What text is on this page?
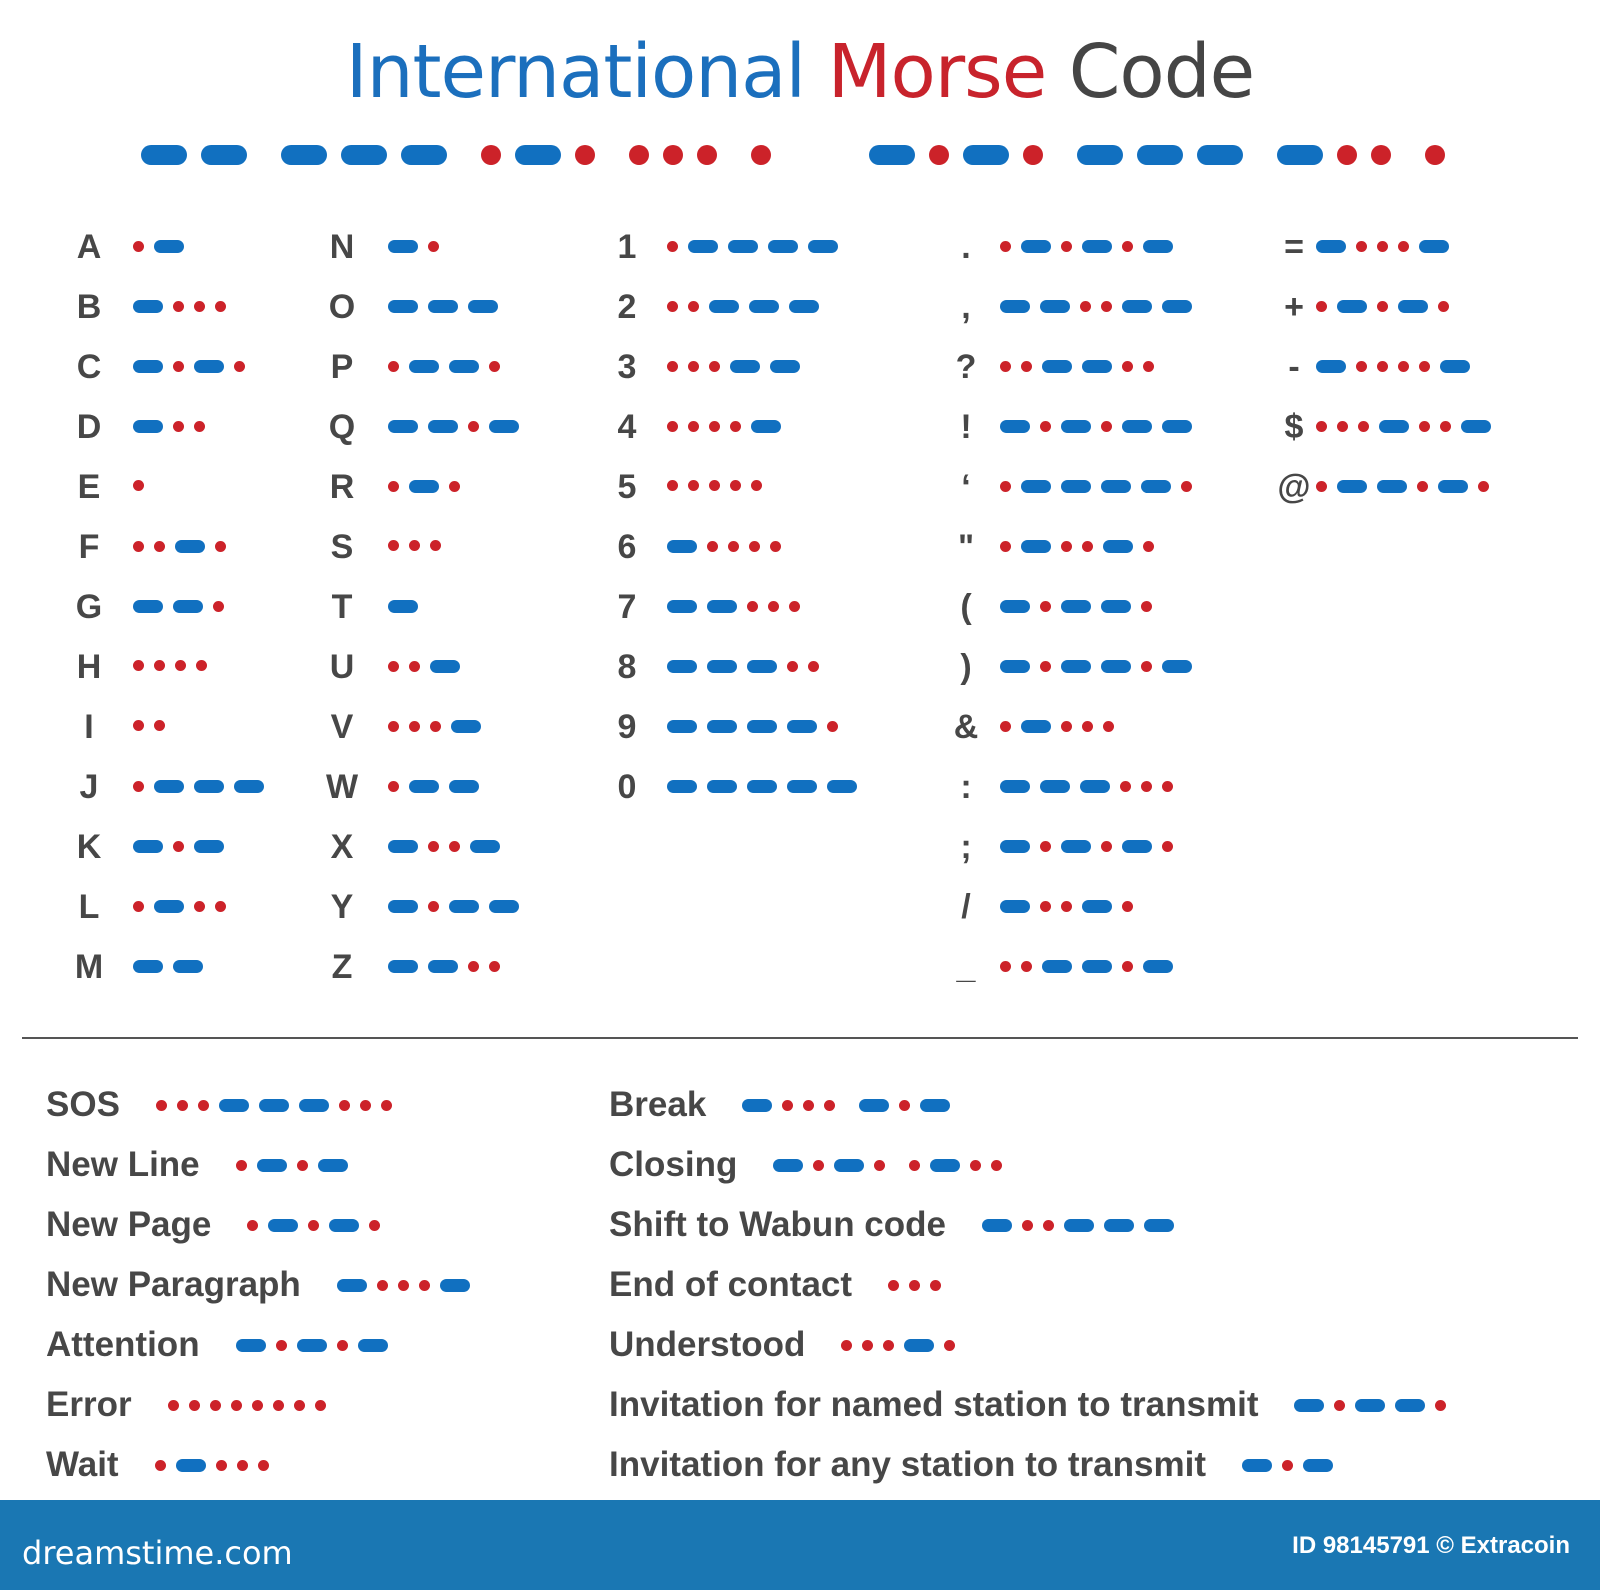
International Morse Code
A
B
C
D
E
F
G
H
I
J
K
L
M
N
O
P
Q
R
S
T
U
V
W
X
Y
Z
1
2
3
4
5
6
7
8
9
0
.
,
?
!
‘
"
(
)
&
:
;
/
_
=
+
-
$
@
SOS
New Line
New Page
New Paragraph
Attention
Error
Wait
Break
Closing
Shift to Wabun code
End of contact
Understood
Invitation for named station to transmit
Invitation for any station to transmit
dreamstime.com	ID 98145791 © Extracoin
